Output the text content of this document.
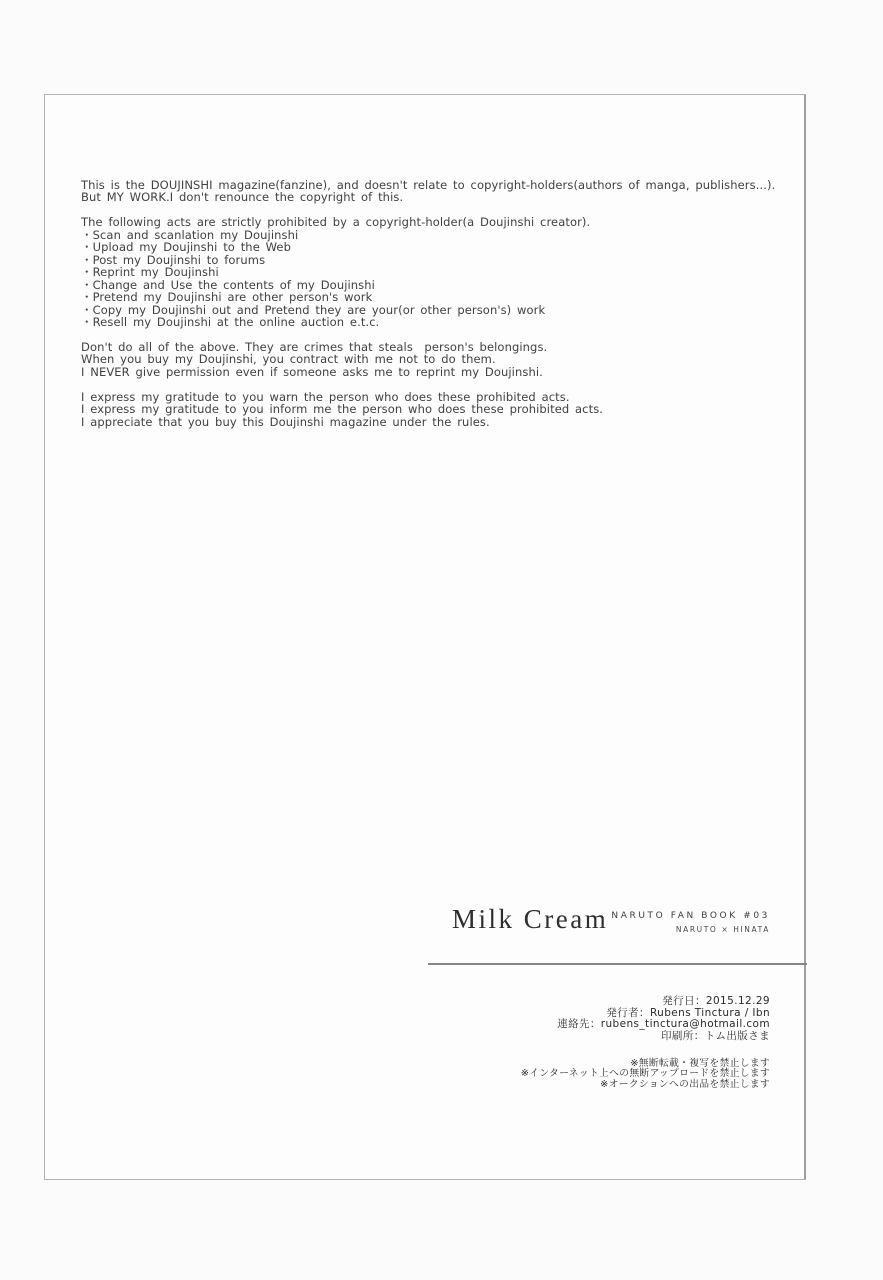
This is the DOUJINSHI magazine(fanzine), and doesn't relate to copyright-holders(authors of manga, publishers...).
But MY WORK.I don't renounce the copyright of this.
The following acts are strictly prohibited by a copyright-holder(a Doujinshi creator).
・Scan and scanlation my Doujinshi
・Upload my Doujinshi to the Web
・Post my Doujinshi to forums
・Reprint my Doujinshi
・Change and Use the contents of my Doujinshi
・Pretend my Doujinshi are other person's work
・Copy my Doujinshi out and Pretend they are your(or other person's) work
・Resell my Doujinshi at the online auction e.t.c.
Don't do all of the above. They are crimes that steals  person's belongings.
When you buy my Doujinshi, you contract with me not to do them.
I NEVER give permission even if someone asks me to reprint my Doujinshi.
I express my gratitude to you warn the person who does these prohibited acts.
I express my gratitude to you inform me the person who does these prohibited acts.
I appreciate that you buy this Doujinshi magazine under the rules.
Milk Cream NARUTO FAN BOOK #03
NARUTO × HINATA
発行日：2015.12.29
発行者：Rubens Tinctura / Ibn
連絡先：rubens_tinctura@hotmail.com
印刷所：トム出版さま
※無断転載・複写を禁止します
※インターネット上への無断アップロードを禁止します
※オークションへの出品を禁止します
